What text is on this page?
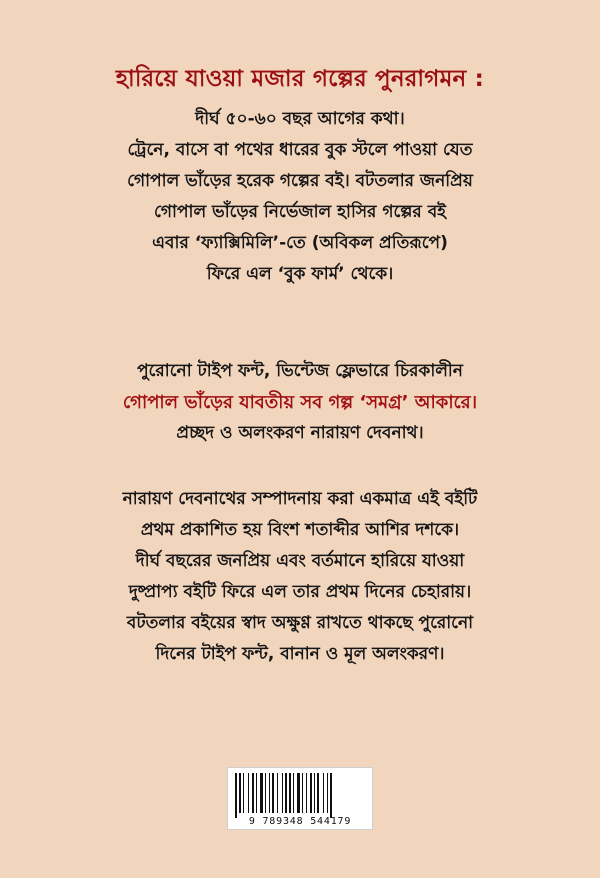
হারিয়ে যাওয়া মজার গল্পের পুনরাগমন :
দীর্ঘ ৫০-৬০ বছর আগের কথা।
ট্রেনে, বাসে বা পথের ধারের বুক স্টলে পাওয়া যেত
গোপাল ভাঁড়ের হরেক গল্পের বই। বটতলার জনপ্রিয়
গোপাল ভাঁড়ের নির্ভেজাল হাসির গল্পের বই
এবার ‘ফ্যাক্সিমিলি’-তে (অবিকল প্রতিরূপে)
ফিরে এল ‘বুক ফার্ম’ থেকে।
পুরোনো টাইপ ফন্ট, ভিন্টেজ ফ্লেভারে চিরকালীন
গোপাল ভাঁড়ের যাবতীয় সব গল্প ‘সমগ্র’ আকারে।
প্রচ্ছদ ও অলংকরণ নারায়ণ দেবনাথ।
নারায়ণ দেবনাথের সম্পাদনায় করা একমাত্র এই বইটি
প্রথম প্রকাশিত হয় বিংশ শতাব্দীর আশির দশকে।
দীর্ঘ বছরের জনপ্রিয় এবং বর্তমানে হারিয়ে যাওয়া
দুষ্প্রাপ্য বইটি ফিরে এল তার প্রথম দিনের চেহারায়।
বটতলার বইয়ের স্বাদ অক্ষুণ্ণ রাখতে থাকছে পুরোনো
দিনের টাইপ ফন্ট, বানান ও মূল অলংকরণ।
9 789348 544179
